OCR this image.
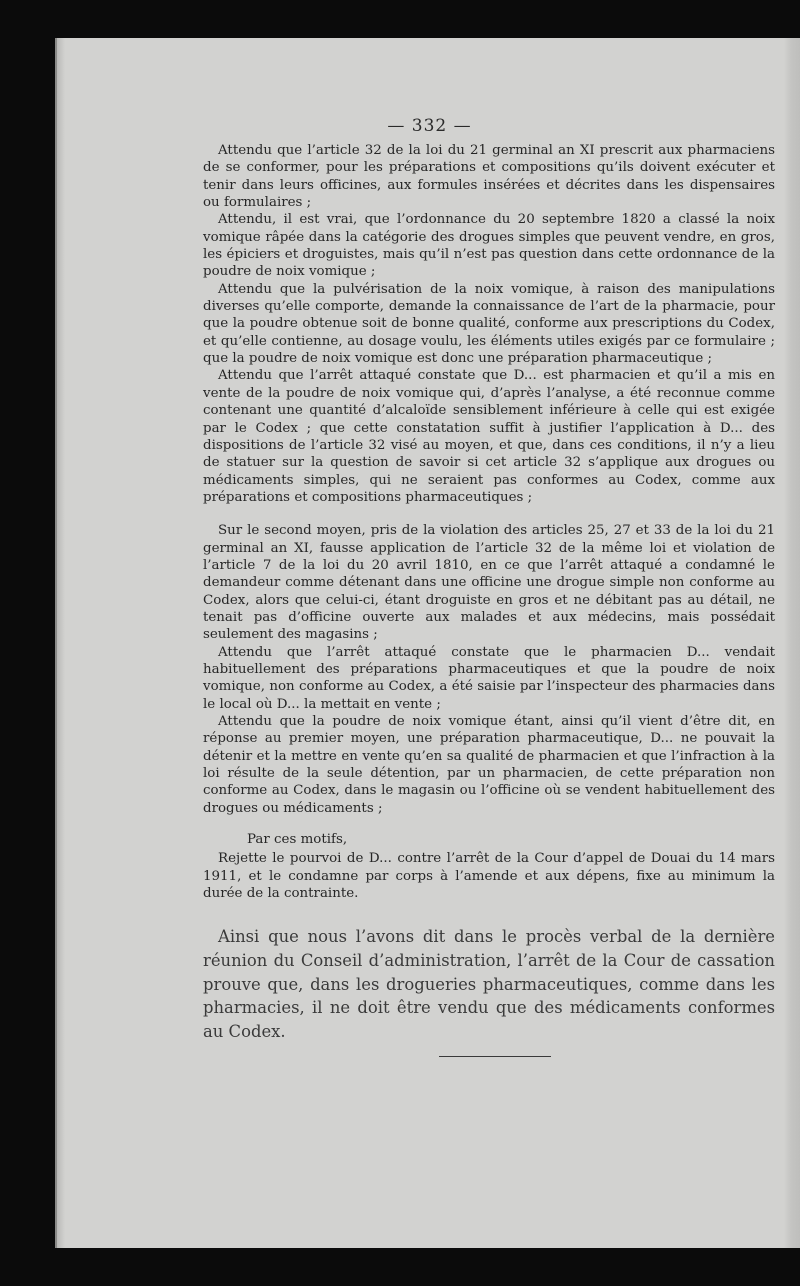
— 332 —

Attendu que l’article 32 de la loi du 21 germinal an XI prescrit aux pharmaciens de se conformer, pour les préparations et compositions qu’ils doivent exécuter et tenir dans leurs officines, aux formules insérées et décrites dans les dispensaires ou formulaires ;

Attendu, il est vrai, que l’ordonnance du 20 septembre 1820 a classé la noix vomique râpée dans la catégorie des drogues simples que peuvent vendre, en gros, les épiciers et droguistes, mais qu’il n’est pas question dans cette ordonnance de la poudre de noix vomique ;

Attendu que la pulvérisation de la noix vomique, à raison des manipulations diverses qu’elle comporte, demande la connaissance de l’art de la pharmacie, pour que la poudre obtenue soit de bonne qualité, conforme aux prescriptions du Codex, et qu’elle contienne, au dosage voulu, les éléments utiles exigés par ce formulaire ; que la poudre de noix vomique est donc une préparation pharmaceutique ;

Attendu que l’arrêt attaqué constate que D... est pharmacien et qu’il a mis en vente de la poudre de noix vomique qui, d’après l’analyse, a été reconnue comme contenant une quantité d’alcaloïde sensiblement inférieure à celle qui est exigée par le Codex ; que cette constatation suffit à justifier l’application à D... des dispositions de l’article 32 visé au moyen, et que, dans ces conditions, il n’y a lieu de statuer sur la question de savoir si cet article 32 s’applique aux drogues ou médicaments simples, qui ne seraient pas conformes au Codex, comme aux préparations et compositions pharmaceutiques ;

Sur le second moyen, pris de la violation des articles 25, 27 et 33 de la loi du 21 germinal an XI, fausse application de l’article 32 de la même loi et violation de l’article 7 de la loi du 20 avril 1810, en ce que l’arrêt attaqué a condamné le demandeur comme détenant dans une officine une drogue simple non conforme au Codex, alors que celui-ci, étant droguiste en gros et ne débitant pas au détail, ne tenait pas d’officine ouverte aux malades et aux médecins, mais possédait seulement des magasins ;

Attendu que l’arrêt attaqué constate que le pharmacien D... vendait habituellement des préparations pharmaceutiques et que la poudre de noix vomique, non conforme au Codex, a été saisie par l’inspecteur des pharmacies dans le local où D... la mettait en vente ;

Attendu que la poudre de noix vomique étant, ainsi qu’il vient d’être dit, en réponse au premier moyen, une préparation pharmaceutique, D... ne pouvait la détenir et la mettre en vente qu’en sa qualité de pharmacien et que l’infraction à la loi résulte de la seule détention, par un pharmacien, de cette préparation non conforme au Codex, dans le magasin ou l’officine où se vendent habituellement des drogues ou médicaments ;

Par ces motifs,

Rejette le pourvoi de D... contre l’arrêt de la Cour d’appel de Douai du 14 mars 1911, et le condamne par corps à l’amende et aux dépens, fixe au minimum la durée de la contrainte.

Ainsi que nous l’avons dit dans le procès verbal de la dernière réunion du Conseil d’administration, l’arrêt de la Cour de cassation prouve que, dans les drogueries pharmaceutiques, comme dans les pharmacies, il ne doit être vendu que des médicaments conformes au Codex.
